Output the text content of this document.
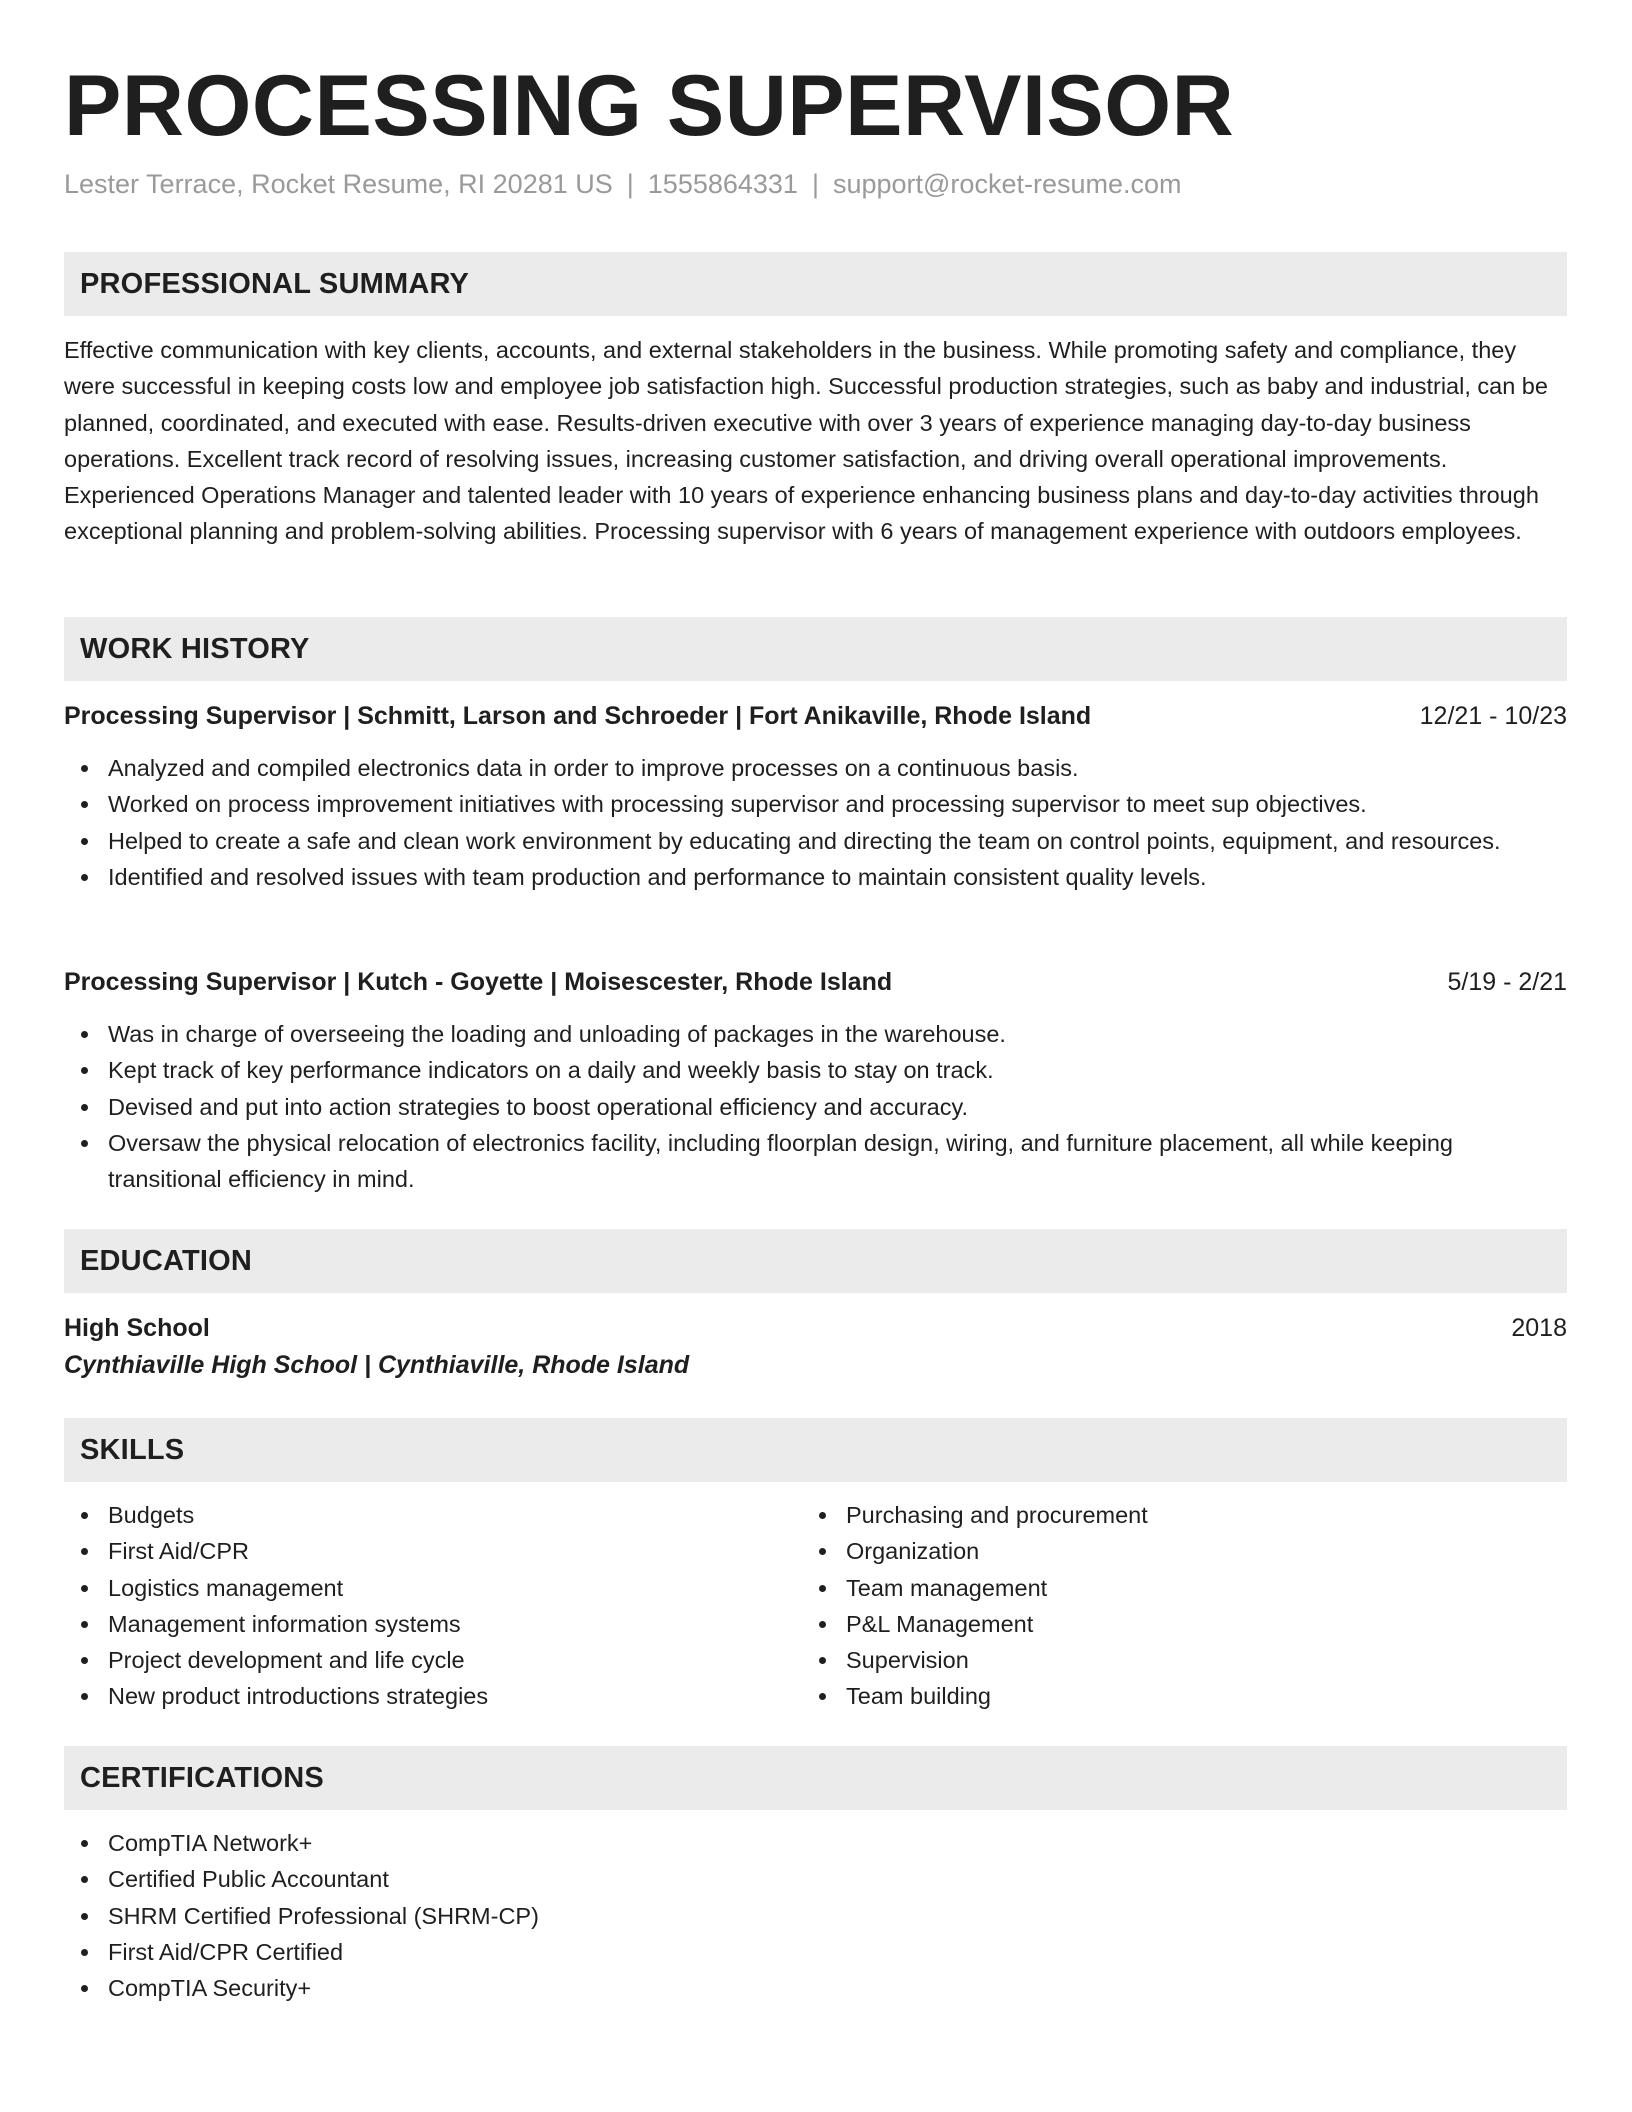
PROCESSING SUPERVISOR
Lester Terrace, Rocket Resume, RI 20281 US | 1555864331 | support@rocket-resume.com
PROFESSIONAL SUMMARY

Effective communication with key clients, accounts, and external stakeholders in the business. While promoting safety and compliance, they were successful in keeping costs low and employee job satisfaction high. Successful production strategies, such as baby and industrial, can be planned, coordinated, and executed with ease. Results-driven executive with over 3 years of experience managing day-to-day business operations. Excellent track record of resolving issues, increasing customer satisfaction, and driving overall operational improvements. Experienced Operations Manager and talented leader with 10 years of experience enhancing business plans and day-to-day activities through exceptional planning and problem-solving abilities. Processing supervisor with 6 years of management experience with outdoors employees.

WORK HISTORY
Processing Supervisor | Schmitt, Larson and Schroeder | Fort Anikaville, Rhode Island	12/21 - 10/23
Analyzed and compiled electronics data in order to improve processes on a continuous basis.
Worked on process improvement initiatives with processing supervisor and processing supervisor to meet sup objectives.
Helped to create a safe and clean work environment by educating and directing the team on control points, equipment, and resources.
Identified and resolved issues with team production and performance to maintain consistent quality levels.
Processing Supervisor | Kutch - Goyette | Moisescester, Rhode Island	5/19 - 2/21
Was in charge of overseeing the loading and unloading of packages in the warehouse.
Kept track of key performance indicators on a daily and weekly basis to stay on track.
Devised and put into action strategies to boost operational efficiency and accuracy.
Oversaw the physical relocation of electronics facility, including floorplan design, wiring, and furniture placement, all while keeping transitional efficiency in mind.
EDUCATION
High School	2018
Cynthiaville High School | Cynthiaville, Rhode Island
SKILLS
Budgets
First Aid/CPR
Logistics management
Management information systems
Project development and life cycle
New product introductions strategies
Purchasing and procurement
Organization
Team management
P&L Management
Supervision
Team building
CERTIFICATIONS
CompTIA Network+
Certified Public Accountant
SHRM Certified Professional (SHRM-CP)
First Aid/CPR Certified
CompTIA Security+
